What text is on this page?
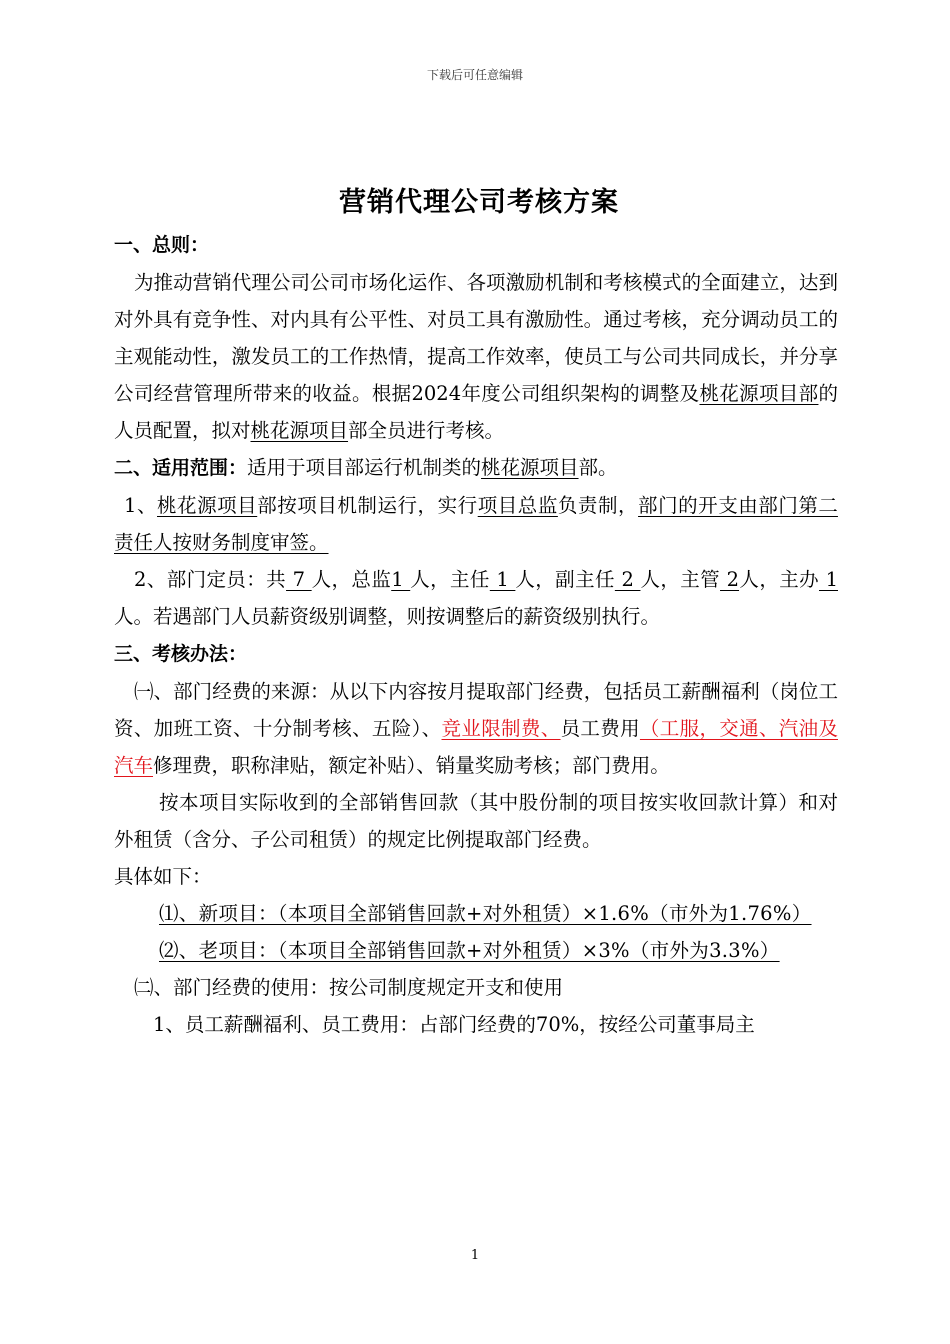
下载后可任意编辑
营销代理公司考核方案

一、总则：

为推动营销代理公司公司市场化运作、各项激励机制和考核模式的全面建立，达到对外具有竞争性、对内具有公平性、对员工具有激励性。通过考核，充分调动员工的主观能动性，激发员工的工作热情，提高工作效率，使员工与公司共同成长，并分享公司经营管理所带来的收益。根据2024年度公司组织架构的调整及桃花源项目部的人员配置，拟对桃花源项目部全员进行考核。

二、适用范围：适用于项目部运行机制类的桃花源项目部。

1、桃花源项目部按项目机制运行，实行项目总监负责制，部门的开支由部门第二责任人按财务制度审签。

2、部门定员：共 7 人，总监1 人，主任 1 人，副主任 2 人，主管 2人，主办 1 人。若遇部门人员薪资级别调整，则按调整后的薪资级别执行。

三、考核办法：

㈠、部门经费的来源：从以下内容按月提取部门经费，包括员工薪酬福利（岗位工资、加班工资、十分制考核、五险）、竞业限制费、员工费用（工服，交通、汽油及汽车修理费，职称津贴，额定补贴）、销量奖励考核；部门费用。

按本项目实际收到的全部销售回款（其中股份制的项目按实收回款计算）和对外租赁（含分、子公司租赁）的规定比例提取部门经费。

具体如下：

⑴、新项目：（本项目全部销售回款+对外租赁）×1.6%（市外为1.76%）

⑵、老项目：（本项目全部销售回款+对外租赁）×3%（市外为3.3%）

㈡、部门经费的使用：按公司制度规定开支和使用

1、员工薪酬福利、员工费用：占部门经费的70%，按经公司董事局主

1
